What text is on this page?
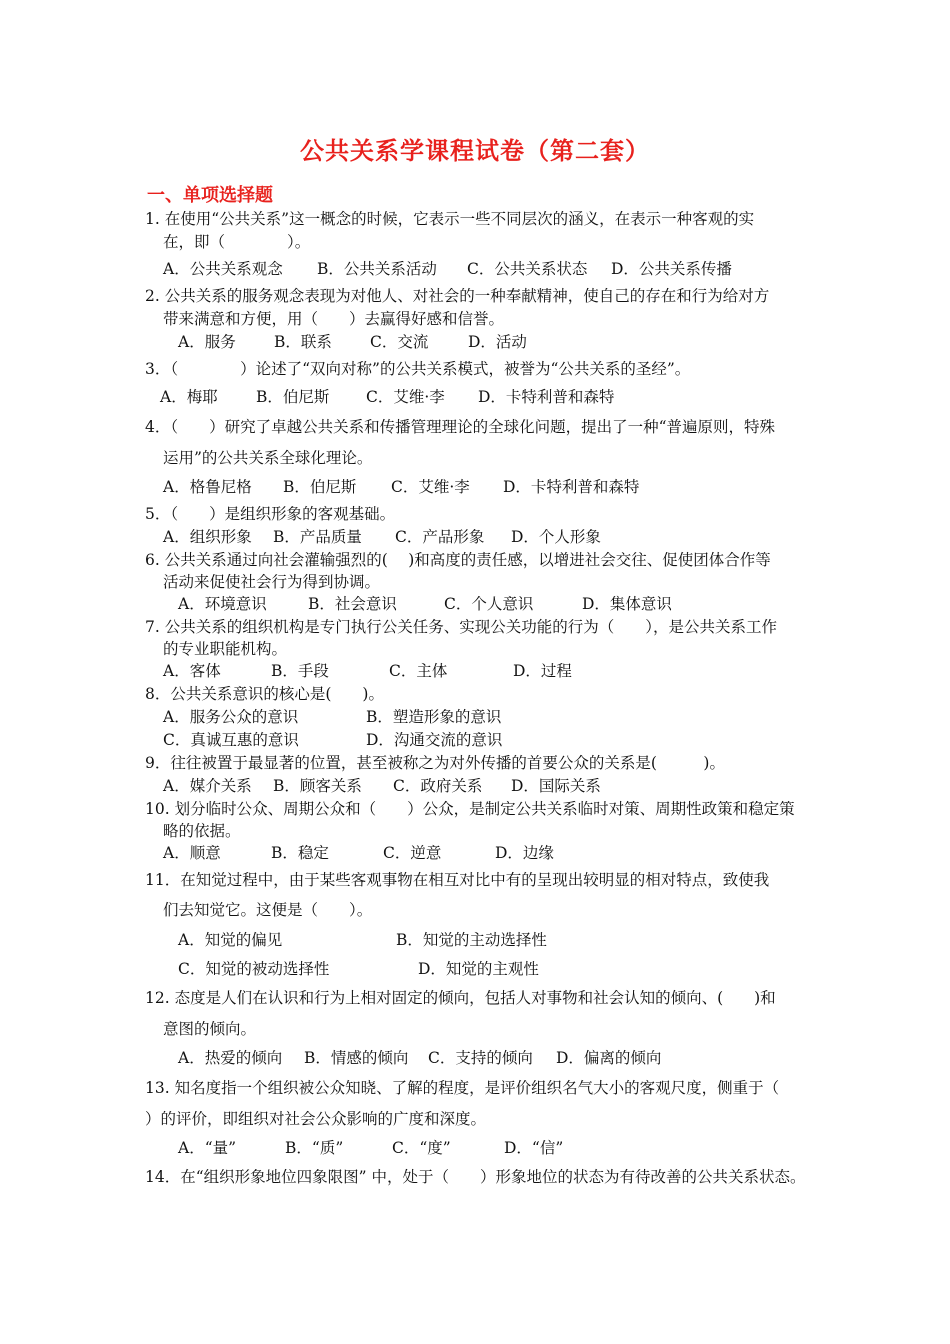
公共关系学课程试卷（第二套）
一、单项选择题
1. 在使用“公共关系”这一概念的时候，它表示一些不同层次的涵义，在表示一种客观的实
在，即（　　　　）。
A．公共关系观念 B．公共关系活动 C．公共关系状态 D．公共关系传播
2. 公共关系的服务观念表现为对他人、对社会的一种奉献精神，使自己的存在和行为给对方
带来满意和方便，用（　　）去赢得好感和信誉。
A．服务 B．联系 C．交流	D．活动
3．（　　　　）论述了“双向对称”的公共关系模式，被誉为“公共关系的圣经”。
A．梅耶 B．伯尼斯 C．艾维·李 D．卡特利普和森特
4．（　　）研究了卓越公共关系和传播管理理论的全球化问题，提出了一种“普遍原则，特殊
运用”的公共关系全球化理论。
A．格鲁尼格 B．伯尼斯 C．艾维·李 D．卡特利普和森特
5．（　　）是组织形象的客观基础。
A．组织形象 B．产品质量 C．产品形象 D．个人形象
6. 公共关系通过向社会灌输强烈的(　 )和高度的责任感，以增进社会交往、促使团体合作等
活动来促使社会行为得到协调。
A．环境意识	B．社会意识	C．个人意识	D．集体意识
7. 公共关系的组织机构是专门执行公关任务、实现公关功能的行为（　　），是公共关系工作
的专业职能机构。
A．客体	B．手段	C．主体	D．过程
8．公共关系意识的核心是(　　)。
A．服务公众的意识	B．塑造形象的意识
C．真诚互惠的意识	D．沟通交流的意识
9．往往被置于最显著的位置，甚至被称之为对外传播的首要公众的关系是(　　　)。
A．媒介关系 B．顾客关系 C．政府关系 D．国际关系
10. 划分临时公众、周期公众和（　　）公众，是制定公共关系临时对策、周期性政策和稳定策
略的依据。
A．顺意	B．稳定	C．逆意	D．边缘
11．在知觉过程中，由于某些客观事物在相互对比中有的呈现出较明显的相对特点，致使我
们去知觉它。这便是（　　）。
A．知觉的偏见	B．知觉的主动选择性
C．知觉的被动选择性	D．知觉的主观性
12. 态度是人们在认识和行为上相对固定的倾向，包括人对事物和社会认知的倾向、(　　)和
意图的倾向。
A．热爱的倾向 B．情感的倾向 C．支持的倾向 D．偏离的倾向
13. 知名度指一个组织被公众知晓、了解的程度，是评价组织名气大小的客观尺度，侧重于（
）的评价，即组织对社会公众影响的广度和深度。
A．“量”	B．“质”	C．“度”	D．“信”
14．在“组织形象地位四象限图” 中，处于（　　）形象地位的状态为有待改善的公共关系状态。
